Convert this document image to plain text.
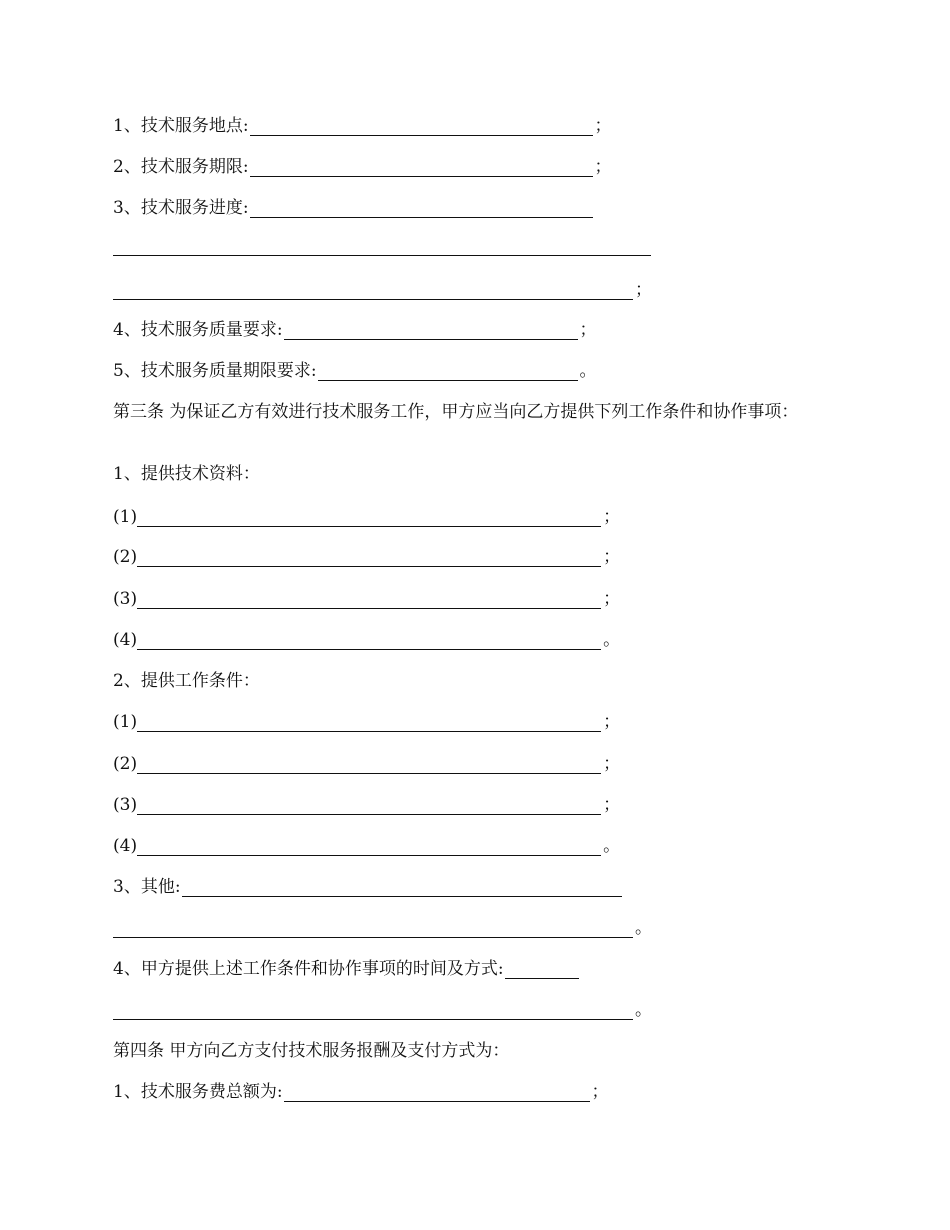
1、技术服务地点:	；
2、技术服务期限:	；
3、技术服务进度:
；
4、技术服务质量要求:	；
5、技术服务质量期限要求:	。
第三条 为保证乙方有效进行技术服务工作，甲方应当向乙方提供下列工作条件和协作事项：
1、提供技术资料：
(1)	；
(2)	；
(3)	；
(4)	。
2、提供工作条件：
(1)	；
(2)	；
(3)	；
(4)	。
3、其他:
。
4、甲方提供上述工作条件和协作事项的时间及方式:
。
第四条 甲方向乙方支付技术服务报酬及支付方式为：
1、技术服务费总额为:	；
